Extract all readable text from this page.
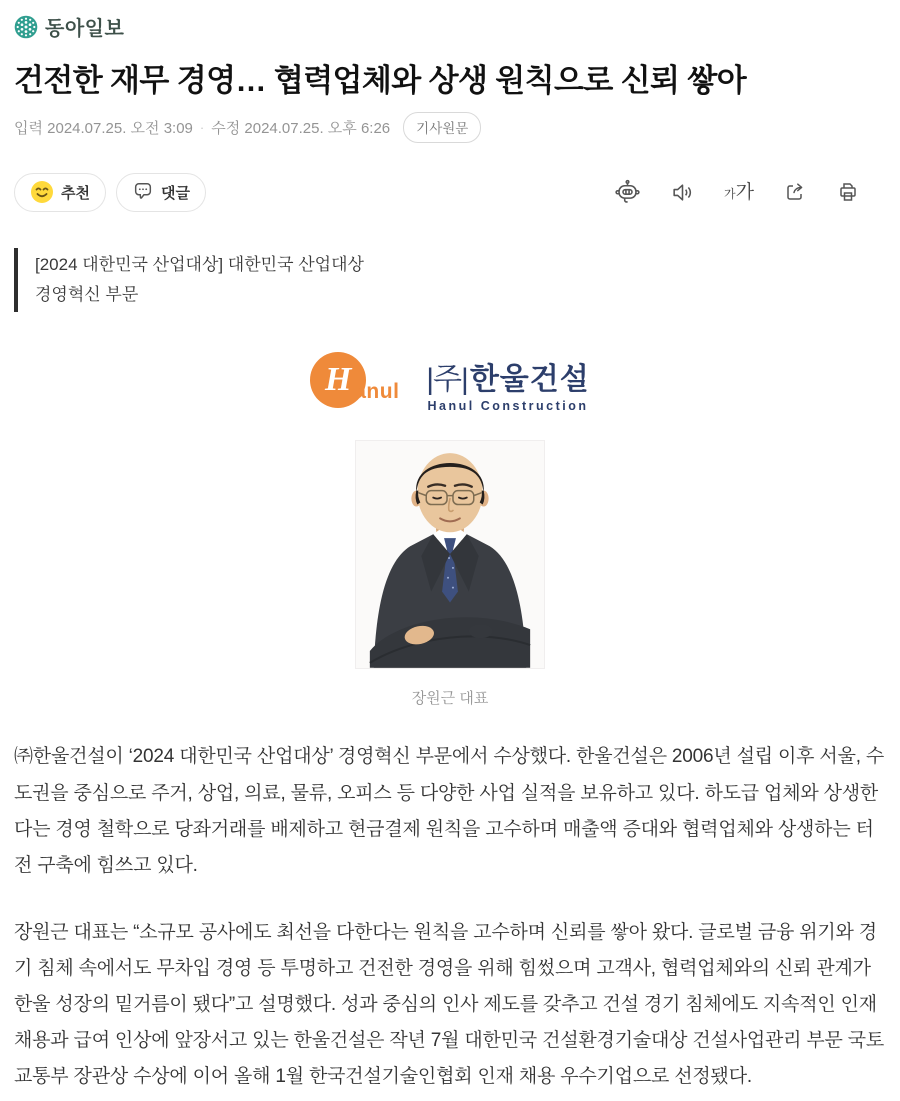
동아일보
건전한 재무 경영… 협력업체와 상생 원칙으로 신뢰 쌓아
입력 2024.07.25. 오전 3:09 · 수정 2024.07.25. 오후 6:26	기사원문
추천	댓글	가 가
[2024 대한민국 산업대상] 대한민국 산업대상
경영혁신 부문
H anul |주| 한울건설
Hanul Construction
장원근 대표

㈜한울건설이 ‘2024 대한민국 산업대상’ 경영혁신 부문에서 수상했다. 한울건설은 2006년 설립 이후 서울, 수도권을 중심으로 주거, 상업, 의료, 물류, 오피스 등 다양한 사업 실적을 보유하고 있다. 하도급 업체와 상생한다는 경영 철학으로 당좌거래를 배제하고 현금결제 원칙을 고수하며 매출액 증대와 협력업체와 상생하는 터전 구축에 힘쓰고 있다.

장원근 대표는 “소규모 공사에도 최선을 다한다는 원칙을 고수하며 신뢰를 쌓아 왔다. 글로벌 금융 위기와 경기 침체 속에서도 무차입 경영 등 투명하고 건전한 경영을 위해 힘썼으며 고객사, 협력업체와의 신뢰 관계가 한울 성장의 밑거름이 됐다”고 설명했다. 성과 중심의 인사 제도를 갖추고 건설 경기 침체에도 지속적인 인재 채용과 급여 인상에 앞장서고 있는 한울건설은 작년 7월 대한민국 건설환경기술대상 건설사업관리 부문 국토교통부 장관상 수상에 이어 올해 1월 한국건설기술인협회 인재 채용 우수기업으로 선정됐다.
